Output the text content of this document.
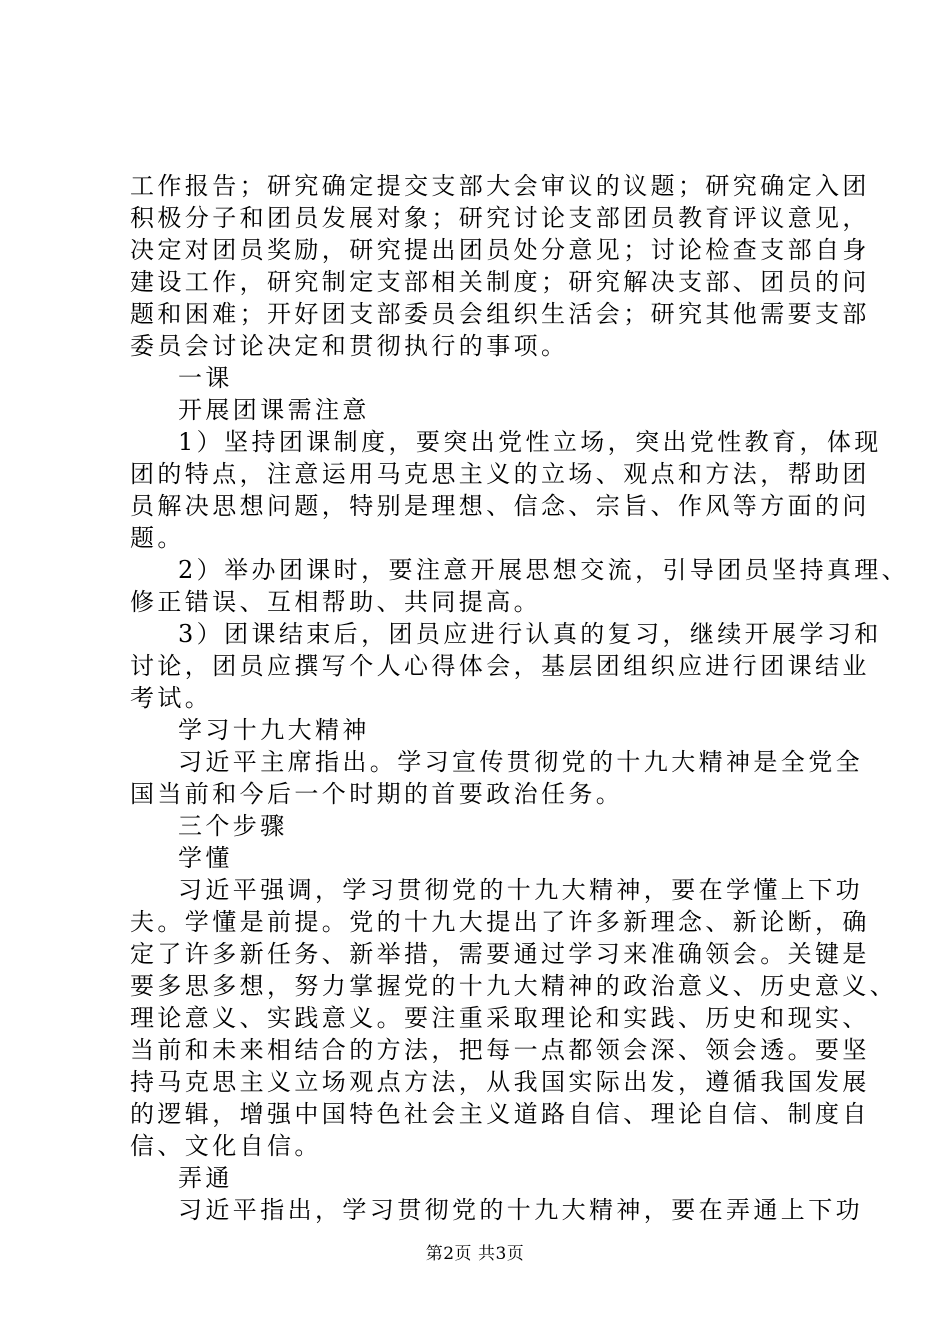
工作报告；研究确定提交支部大会审议的议题；研究确定入团
积极分子和团员发展对象；研究讨论支部团员教育评议意见，
决定对团员奖励，研究提出团员处分意见；讨论检查支部自身
建设工作，研究制定支部相关制度；研究解决支部、团员的问
题和困难；开好团支部委员会组织生活会；研究其他需要支部
委员会讨论决定和贯彻执行的事项。
一课
开展团课需注意
1）坚持团课制度，要突出党性立场，突出党性教育，体现
团的特点，注意运用马克思主义的立场、观点和方法，帮助团
员解决思想问题，特别是理想、信念、宗旨、作风等方面的问
题。
2）举办团课时，要注意开展思想交流，引导团员坚持真理、
修正错误、互相帮助、共同提高。
3）团课结束后，团员应进行认真的复习，继续开展学习和
讨论，团员应撰写个人心得体会，基层团组织应进行团课结业
考试。
学习十九大精神
习近平主席指出。学习宣传贯彻党的十九大精神是全党全
国当前和今后一个时期的首要政治任务。
三个步骤
学懂
习近平强调，学习贯彻党的十九大精神，要在学懂上下功
夫。学懂是前提。党的十九大提出了许多新理念、新论断，确
定了许多新任务、新举措，需要通过学习来准确领会。关键是
要多思多想，努力掌握党的十九大精神的政治意义、历史意义、
理论意义、实践意义。要注重采取理论和实践、历史和现实、
当前和未来相结合的方法，把每一点都领会深、领会透。要坚
持马克思主义立场观点方法，从我国实际出发，遵循我国发展
的逻辑，增强中国特色社会主义道路自信、理论自信、制度自
信、文化自信。
弄通
习近平指出，学习贯彻党的十九大精神，要在弄通上下功
第2页 共3页
